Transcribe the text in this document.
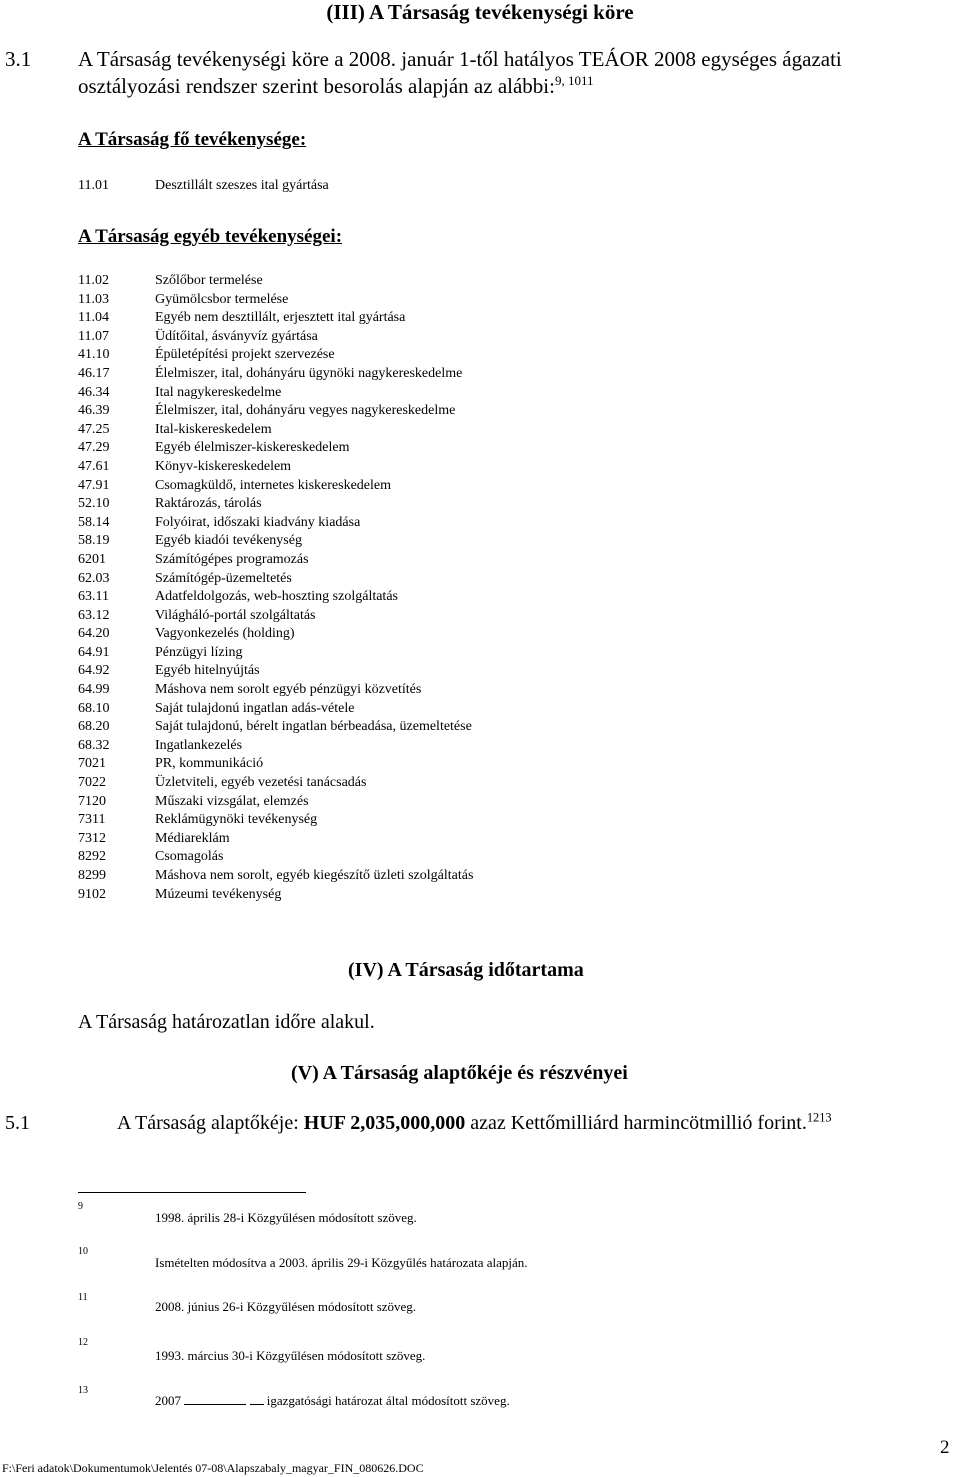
(III) A Társaság tevékenységi köre
3.1 A Társaság tevékenységi köre a 2008. január 1-től hatályos TEÁOR 2008 egységes ágazati
osztályozási rendszer szerint besorolás alapján az alábbi:$^{9, 1011}$
A Társaság fő tevékenysége:
11.01	Desztillált szeszes ital gyártása
A Társaság egyéb tevékenységei:
11.02	Szőlőbor termelése
11.03	Gyümölcsbor termelése
11.04	Egyéb nem desztillált, erjesztett ital gyártása
11.07	Üdítőital, ásványvíz gyártása
41.10	Épületépítési projekt szervezése
46.17	Élelmiszer, ital, dohányáru ügynöki nagykereskedelme
46.34	Ital nagykereskedelme
46.39	Élelmiszer, ital, dohányáru vegyes nagykereskedelme
47.25	Ital-kiskereskedelem
47.29	Egyéb élelmiszer-kiskereskedelem
47.61	Könyv-kiskereskedelem
47.91	Csomagküldő, internetes kiskereskedelem
52.10	Raktározás, tárolás
58.14	Folyóirat, időszaki kiadvány kiadása
58.19	Egyéb kiadói tevékenység
6201	Számítógépes programozás
62.03	Számítógép-üzemeltetés
63.11	Adatfeldolgozás, web-hoszting szolgáltatás
63.12	Világháló-portál szolgáltatás
64.20	Vagyonkezelés (holding)
64.91	Pénzügyi lízing
64.92	Egyéb hitelnyújtás
64.99	Máshova nem sorolt egyéb pénzügyi közvetítés
68.10	Saját tulajdonú ingatlan adás-vétele
68.20	Saját tulajdonú, bérelt ingatlan bérbeadása, üzemeltetése
68.32	Ingatlankezelés
7021	PR, kommunikáció
7022	Üzletviteli, egyéb vezetési tanácsadás
7120	Műszaki vizsgálat, elemzés
7311	Reklámügynöki tevékenység
7312	Médiareklám
8292	Csomagolás
8299	Máshova nem sorolt, egyéb kiegészítő üzleti szolgáltatás
9102	Múzeumi tevékenység
(IV) A Társaság időtartama
A Társaság határozatlan időre alakul.
(V) A Társaság alaptőkéje és részvényei
5.1	A Társaság alaptőkéje: HUF 2,035,000,000 azaz Kettőmilliárd harmincötmillió forint.$^{1213}$
9
1998. április 28-i Közgyűlésen módosított szöveg.
10
Ismételten módosítva a 2003. április 29-i Közgyűlés határozata alapján.
11
2008. június 26-i Közgyűlésen módosított szöveg.
12
1993. március 30-i Közgyűlésen módosított szöveg.
13
2007	igazgatósági határozat által módosított szöveg.
F:\Feri adatok\Dokumentumok\Jelentés 07-08\Alapszabaly_magyar_FIN_080626.DOC
2
